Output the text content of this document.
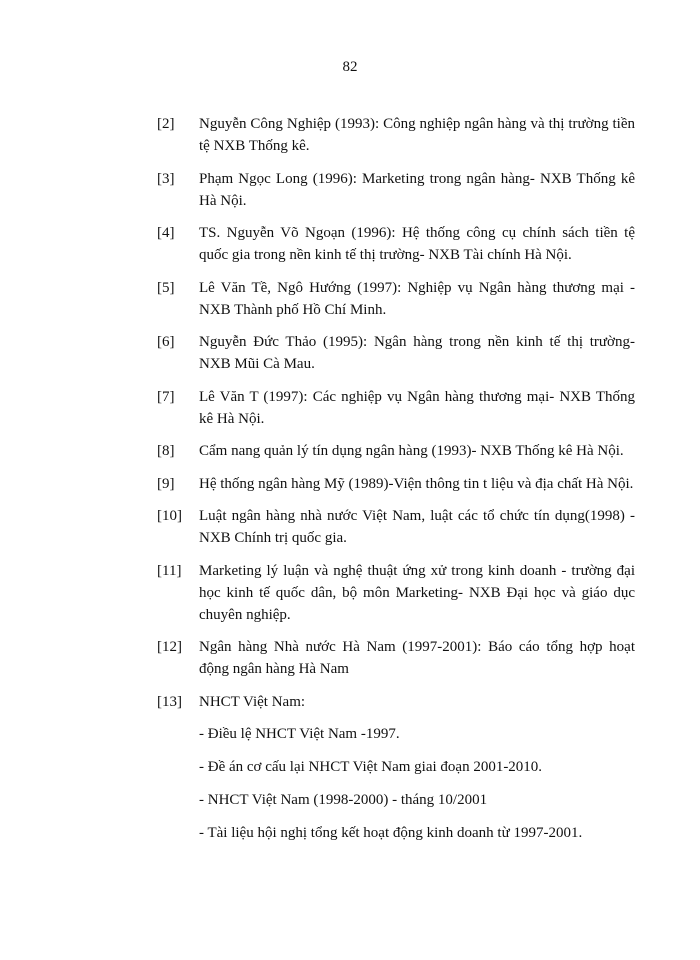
82
[2]	Nguyễn Công Nghiệp (1993): Công nghiệp ngân hàng và thị trường tiền tệ NXB Thống kê.
[3]	Phạm Ngọc Long (1996): Marketing trong ngân hàng- NXB Thống kê Hà Nội.
[4]	TS. Nguyễn Võ Ngoạn (1996): Hệ thống công cụ chính sách tiền tệ quốc gia trong nền kinh tế thị trường- NXB Tài chính Hà Nội.
[5]	Lê Văn Tề, Ngô Hướng (1997): Nghiệp vụ Ngân hàng thương mại - NXB Thành phố Hồ Chí Minh.
[6]	Nguyễn Đức Thảo (1995): Ngân hàng trong nền kinh tế thị trường- NXB Mũi Cà Mau.
[7]	Lê Văn T (1997): Các nghiệp vụ Ngân hàng thương mại- NXB Thống kê Hà Nội.
[8]	Cẩm nang quản lý tín dụng ngân hàng (1993)- NXB Thống kê Hà Nội.
[9]	Hệ thống ngân hàng Mỹ (1989)-Viện thông tin t liệu và địa chất Hà Nội.
[10]	Luật ngân hàng nhà nước Việt Nam, luật các tổ chức tín dụng(1998) - NXB Chính trị quốc gia.
[11]	Marketing lý luận và nghệ thuật ứng xử trong kinh doanh - trường đại học kinh tế quốc dân, bộ môn Marketing- NXB Đại học và giáo dục chuyên nghiệp.
[12]	Ngân hàng Nhà nước Hà Nam (1997-2001): Báo cáo tổng hợp hoạt động ngân hàng Hà Nam
[13]	NHCT Việt Nam:
- Điều lệ NHCT Việt Nam -1997.
- Đề án cơ cấu lại NHCT Việt Nam giai đoạn 2001-2010.
- NHCT Việt Nam (1998-2000) - tháng 10/2001
- Tài liệu hội nghị tổng kết hoạt động kinh doanh từ 1997-2001.
